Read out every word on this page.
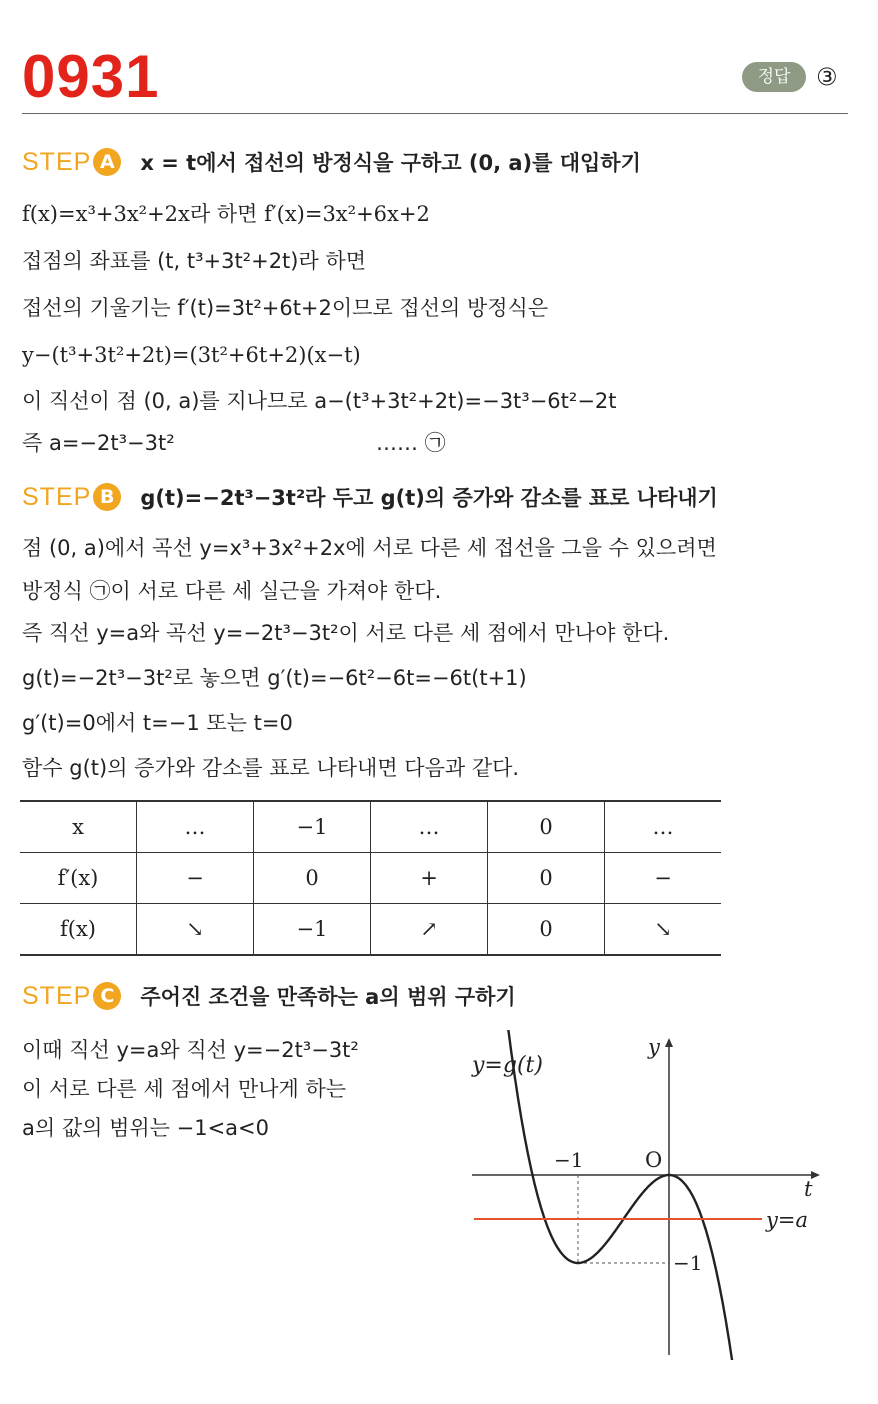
0931	정답	③
STEP A x = t에서 접선의 방정식을 구하고 (0, a)를 대입하기
f(x)=x³+3x²+2x라 하면 f′(x)=3x²+6x+2
접점의 좌표를 (t, t³+3t²+2t)라 하면
접선의 기울기는 f′(t)=3t²+6t+2이므로 접선의 방정식은
y−(t³+3t²+2t)=(3t²+6t+2)(x−t)
이 직선이 점 (0, a)를 지나므로 a−(t³+3t²+2t)=−3t³−6t²−2t
즉 a=−2t³−3t²	…… ㉠
STEP B g(t)=−2t³−3t²라 두고 g(t)의 증가와 감소를 표로 나타내기
점 (0, a)에서 곡선 y=x³+3x²+2x에 서로 다른 세 접선을 그을 수 있으려면
방정식 ㉠이 서로 다른 세 실근을 가져야 한다.
즉 직선 y=a와 곡선 y=−2t³−3t²이 서로 다른 세 점에서 만나야 한다.
g(t)=−2t³−3t²로 놓으면 g′(t)=−6t²−6t=−6t(t+1)
g′(t)=0에서 t=−1 또는 t=0
함수 g(t)의 증가와 감소를 표로 나타내면 다음과 같다.
x	…	−1	…	0	…
f′(x)	−	0	+	0	−
f(x)	↘	−1	↗	0	↘
STEP C 주어진 조건을 만족하는 a의 범위 구하기
이때 직선 y=a와 직선 y=−2t³−3t²
이 서로 다른 세 점에서 만나게 하는
a의 값의 범위는 −1<a<0
y=g(t)
y
t
O
−1
−1
y=a
